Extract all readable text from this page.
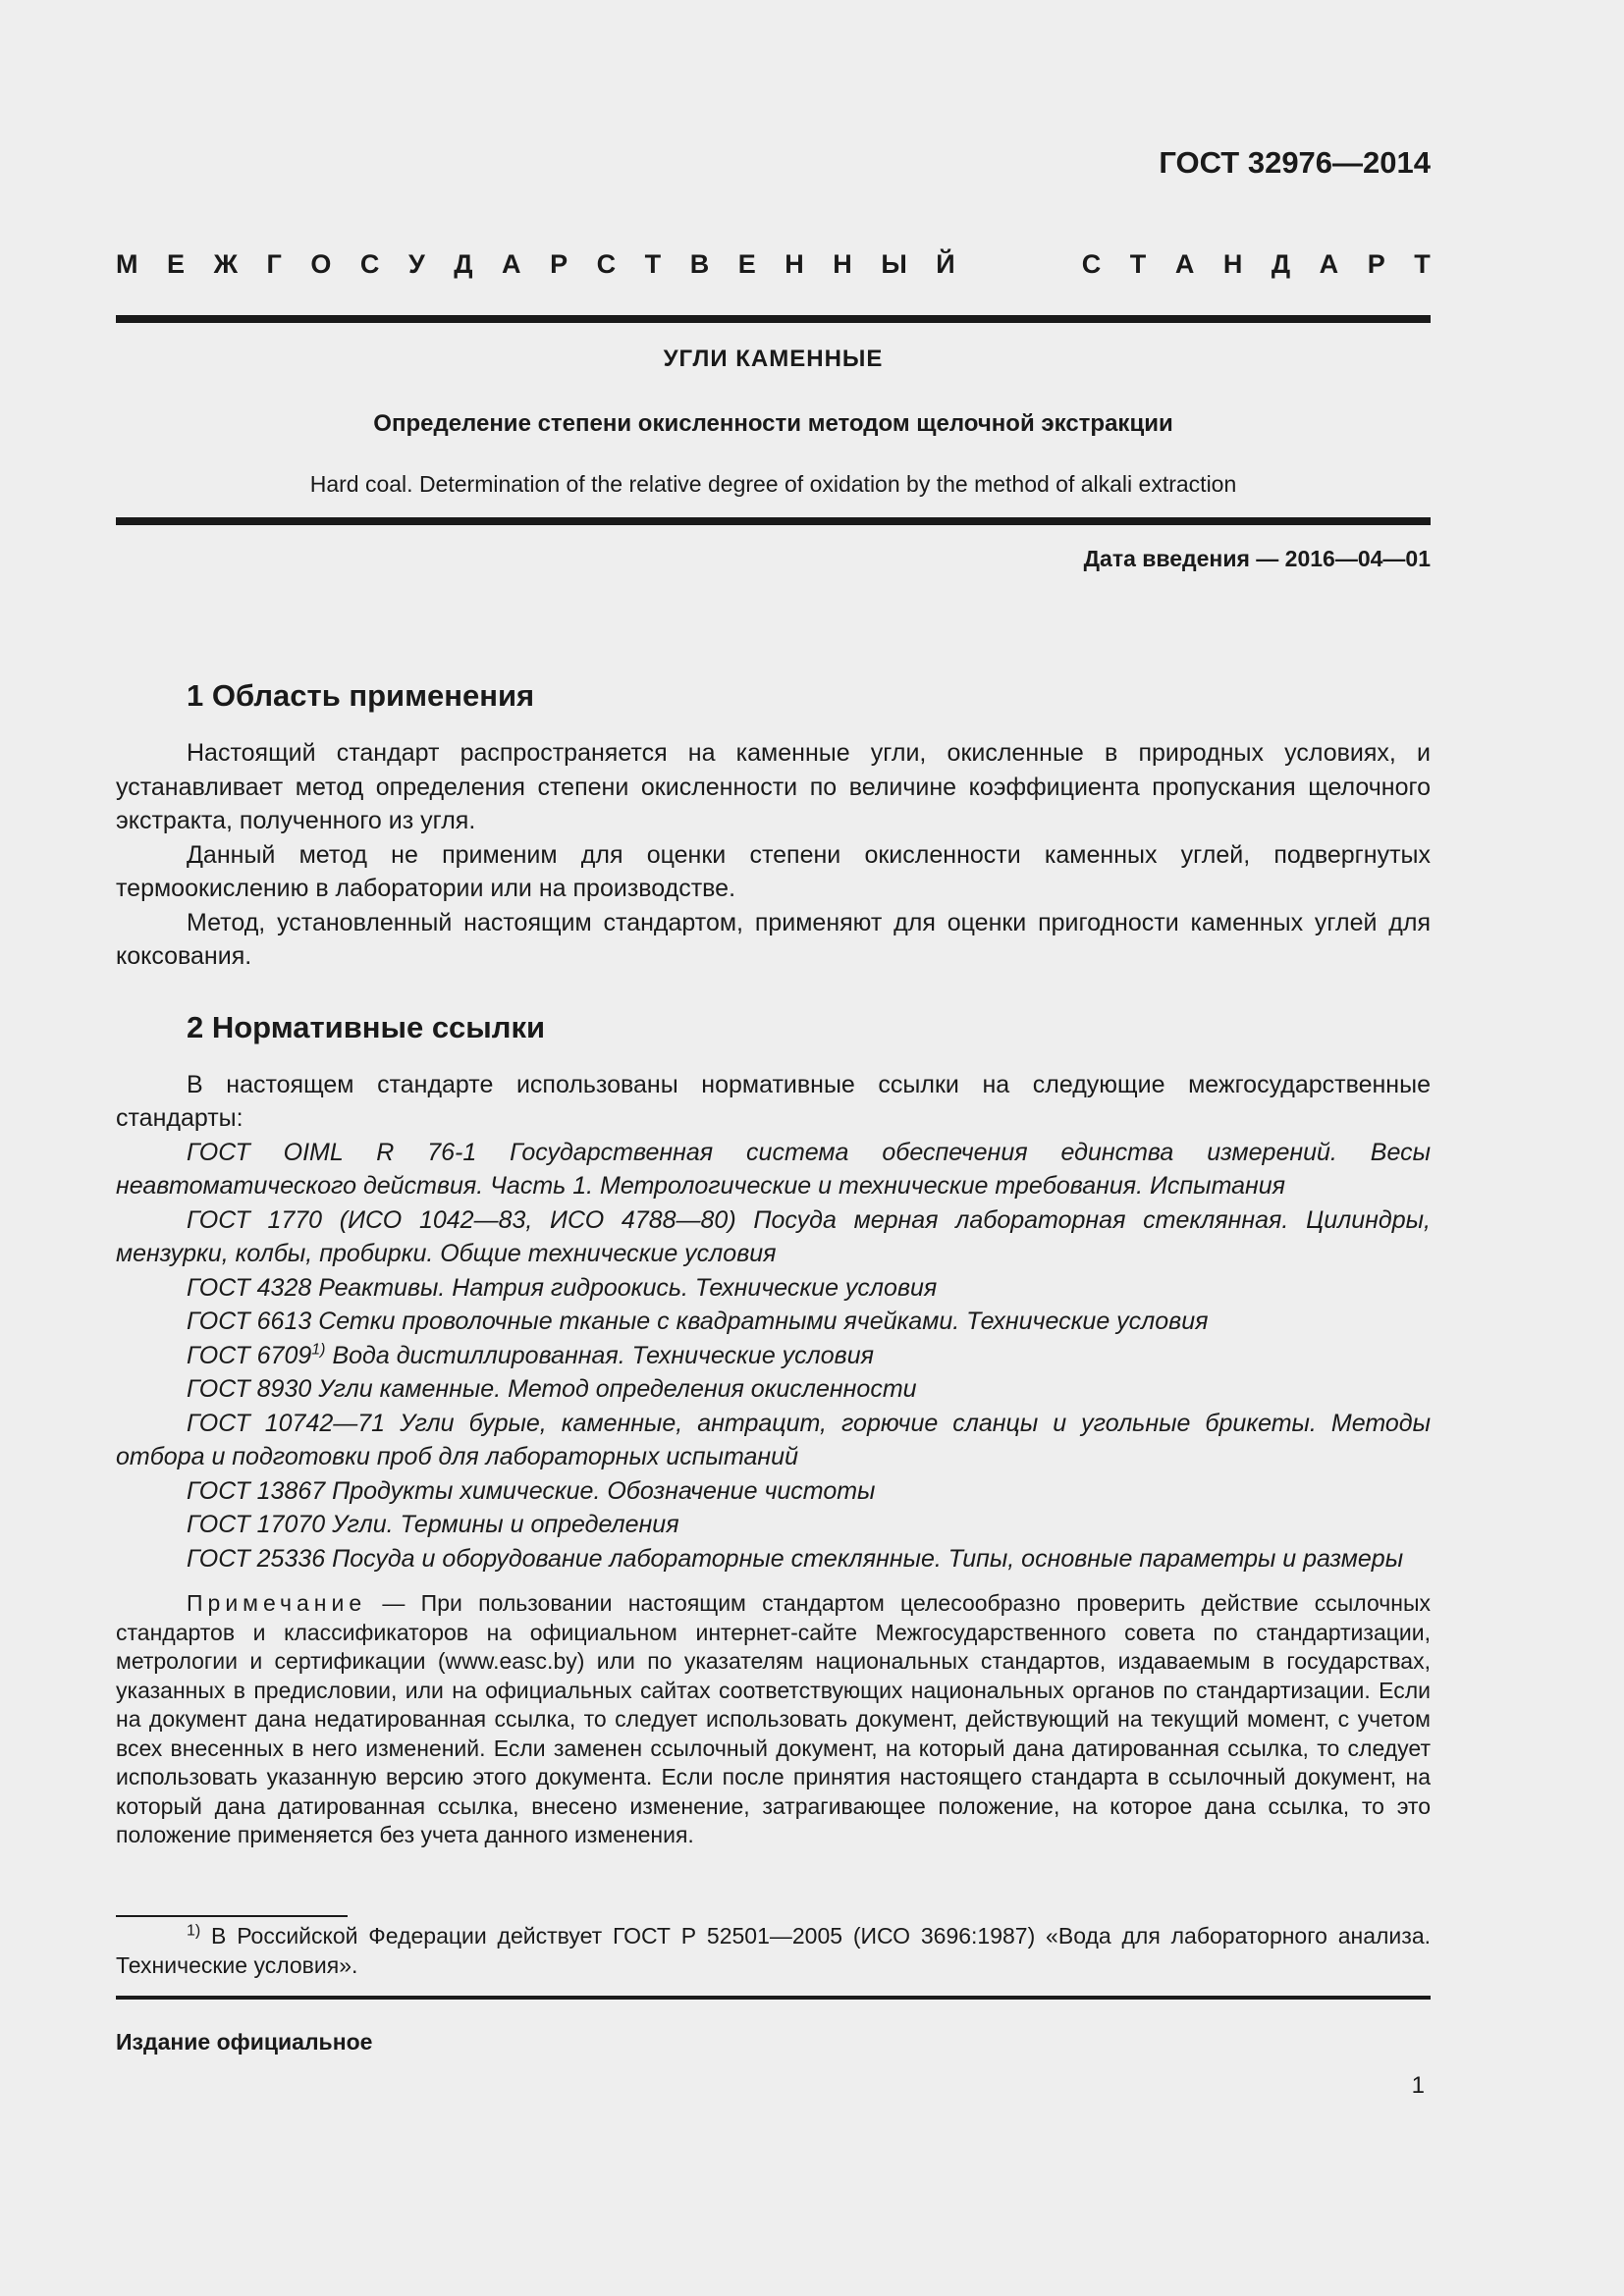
ГОСТ 32976—2014
М Е Ж Г О С У Д А Р С Т В Е Н Н Ы Й	С Т А Н Д А Р Т
УГЛИ КАМЕННЫЕ
Определение степени окисленности методом щелочной экстракции
Hard coal. Determination of the relative degree of oxidation by the method of alkali extraction
Дата введения — 2016—04—01
1 Область применения

Настоящий стандарт распространяется на каменные угли, окисленные в природных условиях, и устанавливает метод определения степени окисленности по величине коэффициента пропускания щелочного экстракта, полученного из угля.

Данный метод не применим для оценки степени окисленности каменных углей, подвергнутых термоокислению в лаборатории или на производстве.

Метод, установленный настоящим стандартом, применяют для оценки пригодности каменных углей для коксования.

2 Нормативные ссылки

В настоящем стандарте использованы нормативные ссылки на следующие межгосударственные стандарты:

ГОСТ OIML R 76-1 Государственная система обеспечения единства измерений. Весы неавтоматического действия. Часть 1. Метрологические и технические требования. Испытания

ГОСТ 1770 (ИСО 1042—83, ИСО 4788—80) Посуда мерная лабораторная стеклянная. Цилиндры, мензурки, колбы, пробирки. Общие технические условия

ГОСТ 4328 Реактивы. Натрия гидроокись. Технические условия

ГОСТ 6613 Сетки проволочные тканые с квадратными ячейками. Технические условия

ГОСТ 6709$^{1)}$ Вода дистиллированная. Технические условия

ГОСТ 8930 Угли каменные. Метод определения окисленности

ГОСТ 10742—71 Угли бурые, каменные, антрацит, горючие сланцы и угольные брикеты. Методы отбора и подготовки проб для лабораторных испытаний

ГОСТ 13867 Продукты химические. Обозначение чистоты

ГОСТ 17070 Угли. Термины и определения

ГОСТ 25336 Посуда и оборудование лабораторные стеклянные. Типы, основные параметры и размеры

Примечание — При пользовании настоящим стандартом целесообразно проверить действие ссылочных стандартов и классификаторов на официальном интернет-сайте Межгосударственного совета по стандартизации, метрологии и сертификации (www.easc.by) или по указателям национальных стандартов, издаваемым в государствах, указанных в предисловии, или на официальных сайтах соответствующих национальных органов по стандартизации. Если на документ дана недатированная ссылка, то следует использовать документ, действующий на текущий момент, с учетом всех внесенных в него изменений. Если заменен ссылочный документ, на который дана датированная ссылка, то следует использовать указанную версию этого документа. Если после принятия настоящего стандарта в ссылочный документ, на который дана датированная ссылка, внесено изменение, затрагивающее положение, на которое дана ссылка, то это положение применяется без учета данного изменения.

$^{1)}$ В Российской Федерации действует ГОСТ Р 52501—2005 (ИСО 3696:1987) «Вода для лабораторного анализа. Технические условия».
Издание официальное
1
